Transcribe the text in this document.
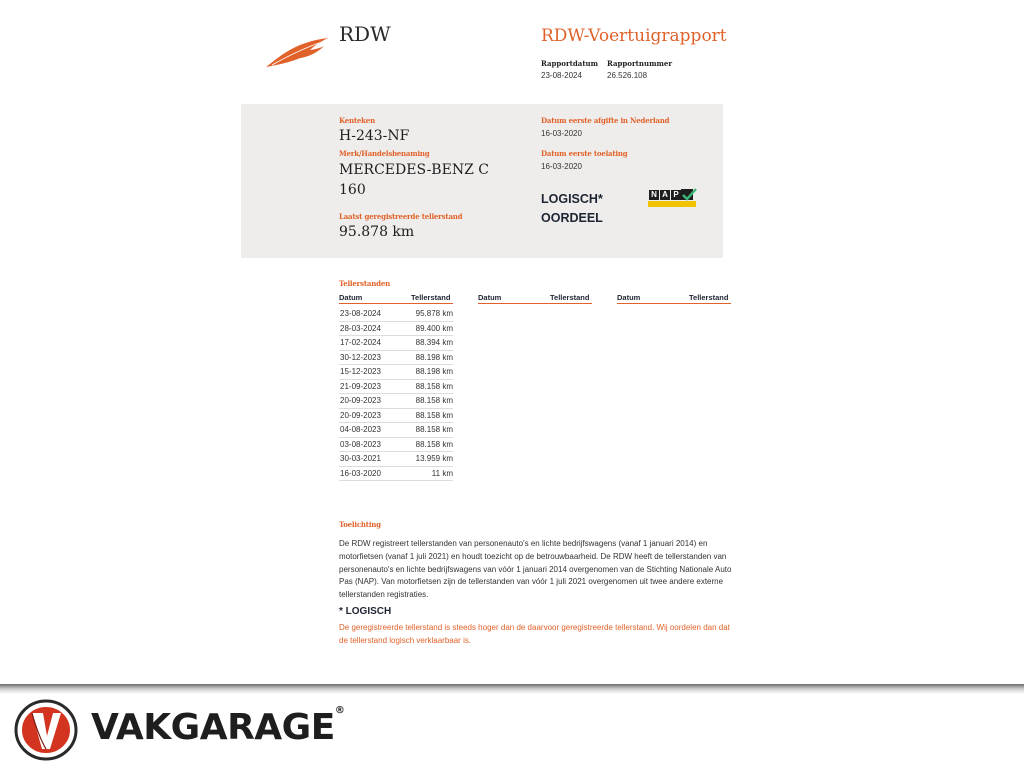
RDW	RDW-Voertuigrapport
Rapportdatum
23-08-2024
Rapportnummer
26.526.108
Kenteken
H-243-NF
Merk/Handelsbenaming
MERCEDES-BENZ C
160
Laatst geregistreerde tellerstand
95.878 km
Datum eerste afgifte in Nederland
16-03-2020
Datum eerste toelating
16-03-2020
LOGISCH*
OORDEEL
N A P
Tellerstanden
Datum	Tellerstand	Datum	Tellerstand	Datum	Tellerstand
23-08-2024	95.878 km
28-03-2024	89.400 km
17-02-2024	88.394 km
30-12-2023	88.198 km
15-12-2023	88.198 km
21-09-2023	88.158 km
20-09-2023	88.158 km
20-09-2023	88.158 km
04-08-2023	88.158 km
03-08-2023	88.158 km
30-03-2021	13.959 km
16-03-2020	11 km
Toelichting
De RDW registreert tellerstanden van personenauto's en lichte bedrijfswagens (vanaf 1 januari 2014) en motorfietsen (vanaf 1 juli 2021) en houdt toezicht op de betrouwbaarheid. De RDW heeft de tellerstanden van personenauto's en lichte bedrijfswagens van vóór 1 januari 2014 overgenomen van de Stichting Nationale Auto Pas (NAP). Van motorfietsen zijn de tellerstanden van vóór 1 juli 2021 overgenomen uit twee andere externe tellerstanden registraties.
* LOGISCH
De geregistreerde tellerstand is steeds hoger dan de daarvoor geregistreerde tellerstand. Wij oordelen dan dat de tellerstand logisch verklaarbaar is.
VAKGARAGE®
